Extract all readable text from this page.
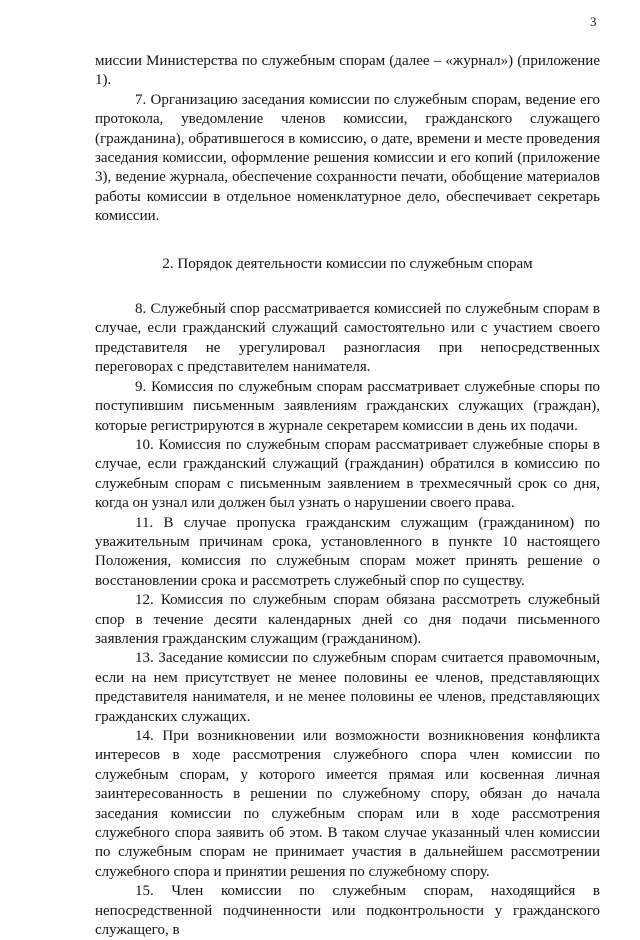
3

миссии Министерства по служебным спорам (далее – «журнал») (приложение 1).

7. Организацию заседания комиссии по служебным спорам, ведение его протокола, уведомление членов комиссии, гражданского служащего (гражданина), обратившегося в комиссию, о дате, времени и месте проведения заседания комиссии, оформление решения комиссии и его копий (приложение 3), ведение журнала, обеспечение сохранности печати, обобщение материалов работы комиссии в отдельное номенклатурное дело, обеспечивает секретарь комиссии.

2. Порядок деятельности комиссии по служебным спорам

8. Служебный спор рассматривается комиссией по служебным спорам в случае, если гражданский служащий самостоятельно или с участием своего представителя не урегулировал разногласия при непосредственных переговорах с представителем нанимателя.

9. Комиссия по служебным спорам рассматривает служебные споры по поступившим письменным заявлениям гражданских служащих (граждан), которые регистрируются в журнале секретарем комиссии в день их подачи.

10. Комиссия по служебным спорам рассматривает служебные споры в случае, если гражданский служащий (гражданин) обратился в комиссию по служебным спорам с письменным заявлением в трехмесячный срок со дня, когда он узнал или должен был узнать о нарушении своего права.

11. В случае пропуска гражданским служащим (гражданином) по уважительным причинам срока, установленного в пункте 10 настоящего Положения, комиссия по служебным спорам может принять решение о восстановлении срока и рассмотреть служебный спор по существу.

12. Комиссия по служебным спорам обязана рассмотреть служебный спор в течение десяти календарных дней со дня подачи письменного заявления гражданским служащим (гражданином).

13. Заседание комиссии по служебным спорам считается правомочным, если на нем присутствует не менее половины ее членов, представляющих представителя нанимателя, и не менее половины ее членов, представляющих гражданских служащих.

14. При возникновении или возможности возникновения конфликта интересов в ходе рассмотрения служебного спора член комиссии по служебным спорам, у которого имеется прямая или косвенная личная заинтересованность в решении по служебному спору, обязан до начала заседания комиссии по служебным спорам или в ходе рассмотрения служебного спора заявить об этом. В таком случае указанный член комиссии по служебным спорам не принимает участия в дальнейшем рассмотрении служебного спора и принятии решения по служебному спору.

15. Член комиссии по служебным спорам, находящийся в непосредственной подчиненности или подконтрольности у гражданского служащего, в
